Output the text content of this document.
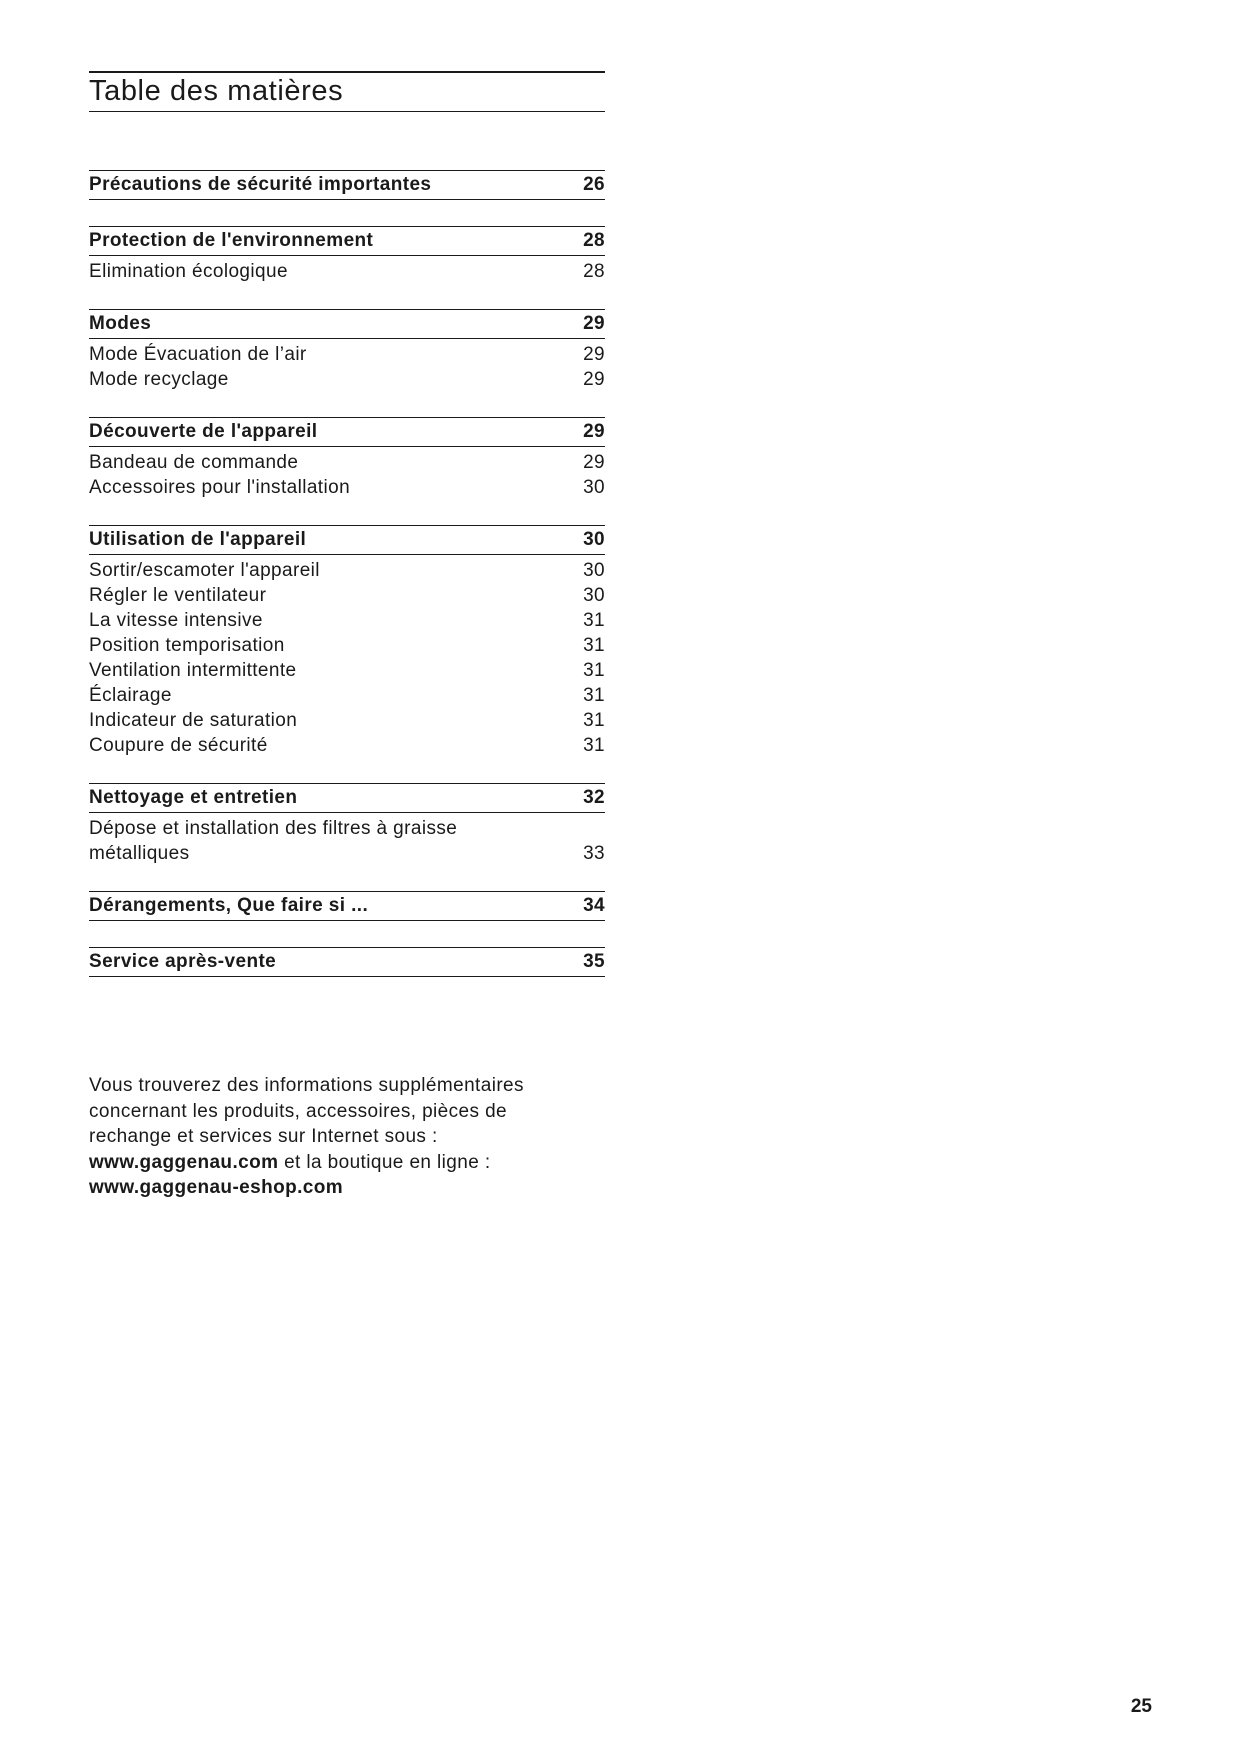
Table des matières
Précautions de sécurité importantes	26
Protection de l'environnement	28
Elimination écologique	28
Modes	29
Mode Évacuation de l’air	29
Mode recyclage	29
Découverte de l'appareil	29
Bandeau de commande	29
Accessoires pour l'installation	30
Utilisation de l'appareil	30
Sortir/escamoter l'appareil	30
Régler le ventilateur	30
La vitesse intensive	31
Position temporisation	31
Ventilation intermittente	31
Éclairage	31
Indicateur de saturation	31
Coupure de sécurité	31
Nettoyage et entretien	32
Dépose et installation des filtres à graisse métalliques	33
Dérangements, Que faire si ...	34
Service après-vente	35
Vous trouverez des informations supplémentaires
concernant les produits, accessoires, pièces de
rechange et services sur Internet sous :
www.gaggenau.com et la boutique en ligne :
www.gaggenau-eshop.com
25
